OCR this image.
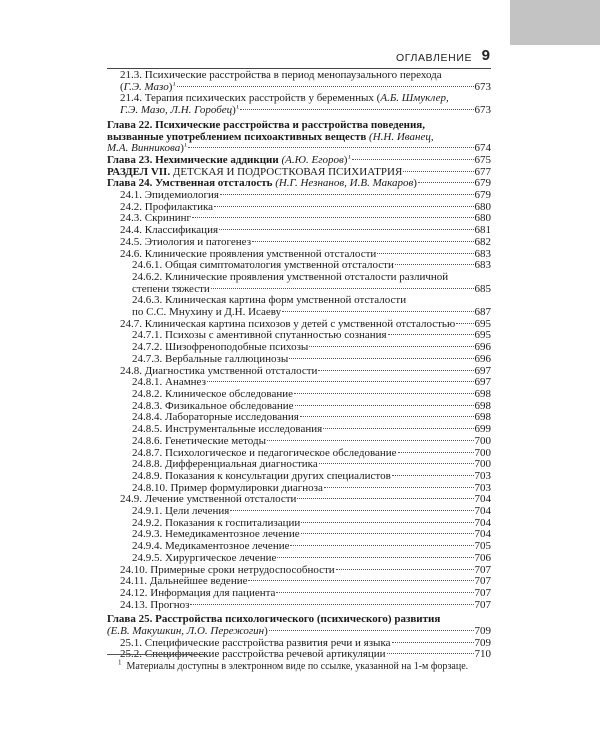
ОГЛАВЛЕНИЕ 9
21.3. Психические расстройства в период менопаузального перехода
(Г.Э. Мазо)$^1$	673
21.4. Терапия психических расстройств у беременных (А.Б. Шмуклер,
Г.Э. Мазо, Л.Н. Горобец)$^1$	673
Глава 22. Психические расстройства и расстройства поведения,
вызванные употреблением психоактивных веществ (Н.Н. Иванец,
М.А. Винникова)$^1$	674
Глава 23. Нехимические аддикции (А.Ю. Егоров)$^1$	675
РАЗДЕЛ VII. ДЕТСКАЯ И ПОДРОСТКОВАЯ ПСИХИАТРИЯ	677
Глава 24. Умственная отсталость (Н.Г. Незнанов, И.В. Макаров)	679
24.1. Эпидемиология	679
24.2. Профилактика	680
24.3. Скрининг	680
24.4. Классификация	681
24.5. Этиология и патогенез	682
24.6. Клинические проявления умственной отсталости	683
24.6.1. Общая симптоматология умственной отсталости	683
24.6.2. Клинические проявления умственной отсталости различной
степени тяжести	685
24.6.3. Клиническая картина форм умственной отсталости
по С.С. Мнухину и Д.Н. Исаеву	687
24.7. Клиническая картина психозов у детей с умственной отсталостью 695
24.7.1. Психозы с аментивной спутанностью сознания	695
24.7.2. Шизофреноподобные психозы	696
24.7.3. Вербальные галлюцинозы	696
24.8. Диагностика умственной отсталости	697
24.8.1. Анамнез	697
24.8.2. Клиническое обследование	698
24.8.3. Физикальное обследование	698
24.8.4. Лабораторные исследования	698
24.8.5. Инструментальные исследования	699
24.8.6. Генетические методы	700
24.8.7. Психологическое и педагогическое обследование	700
24.8.8. Дифференциальная диагностика	700
24.8.9. Показания к консультации других специалистов	703
24.8.10. Пример формулировки диагноза	703
24.9. Лечение умственной отсталости	704
24.9.1. Цели лечения	704
24.9.2. Показания к госпитализации	704
24.9.3. Немедикаментозное лечение	704
24.9.4. Медикаментозное лечение	705
24.9.5. Хирургическое лечение	706
24.10. Примерные сроки нетрудоспособности	707
24.11. Дальнейшее ведение	707
24.12. Информация для пациента	707
24.13. Прогноз	707
Глава 25. Расстройства психологического (психического) развития
(Е.В. Макушкин, Л.О. Пережогин)	709
25.1. Специфические расстройства развития речи и языка	709
25.2. Специфические расстройства речевой артикуляции	710
$^1$ Материалы доступны в электронном виде по ссылке, указанной на 1-м форзаце.
